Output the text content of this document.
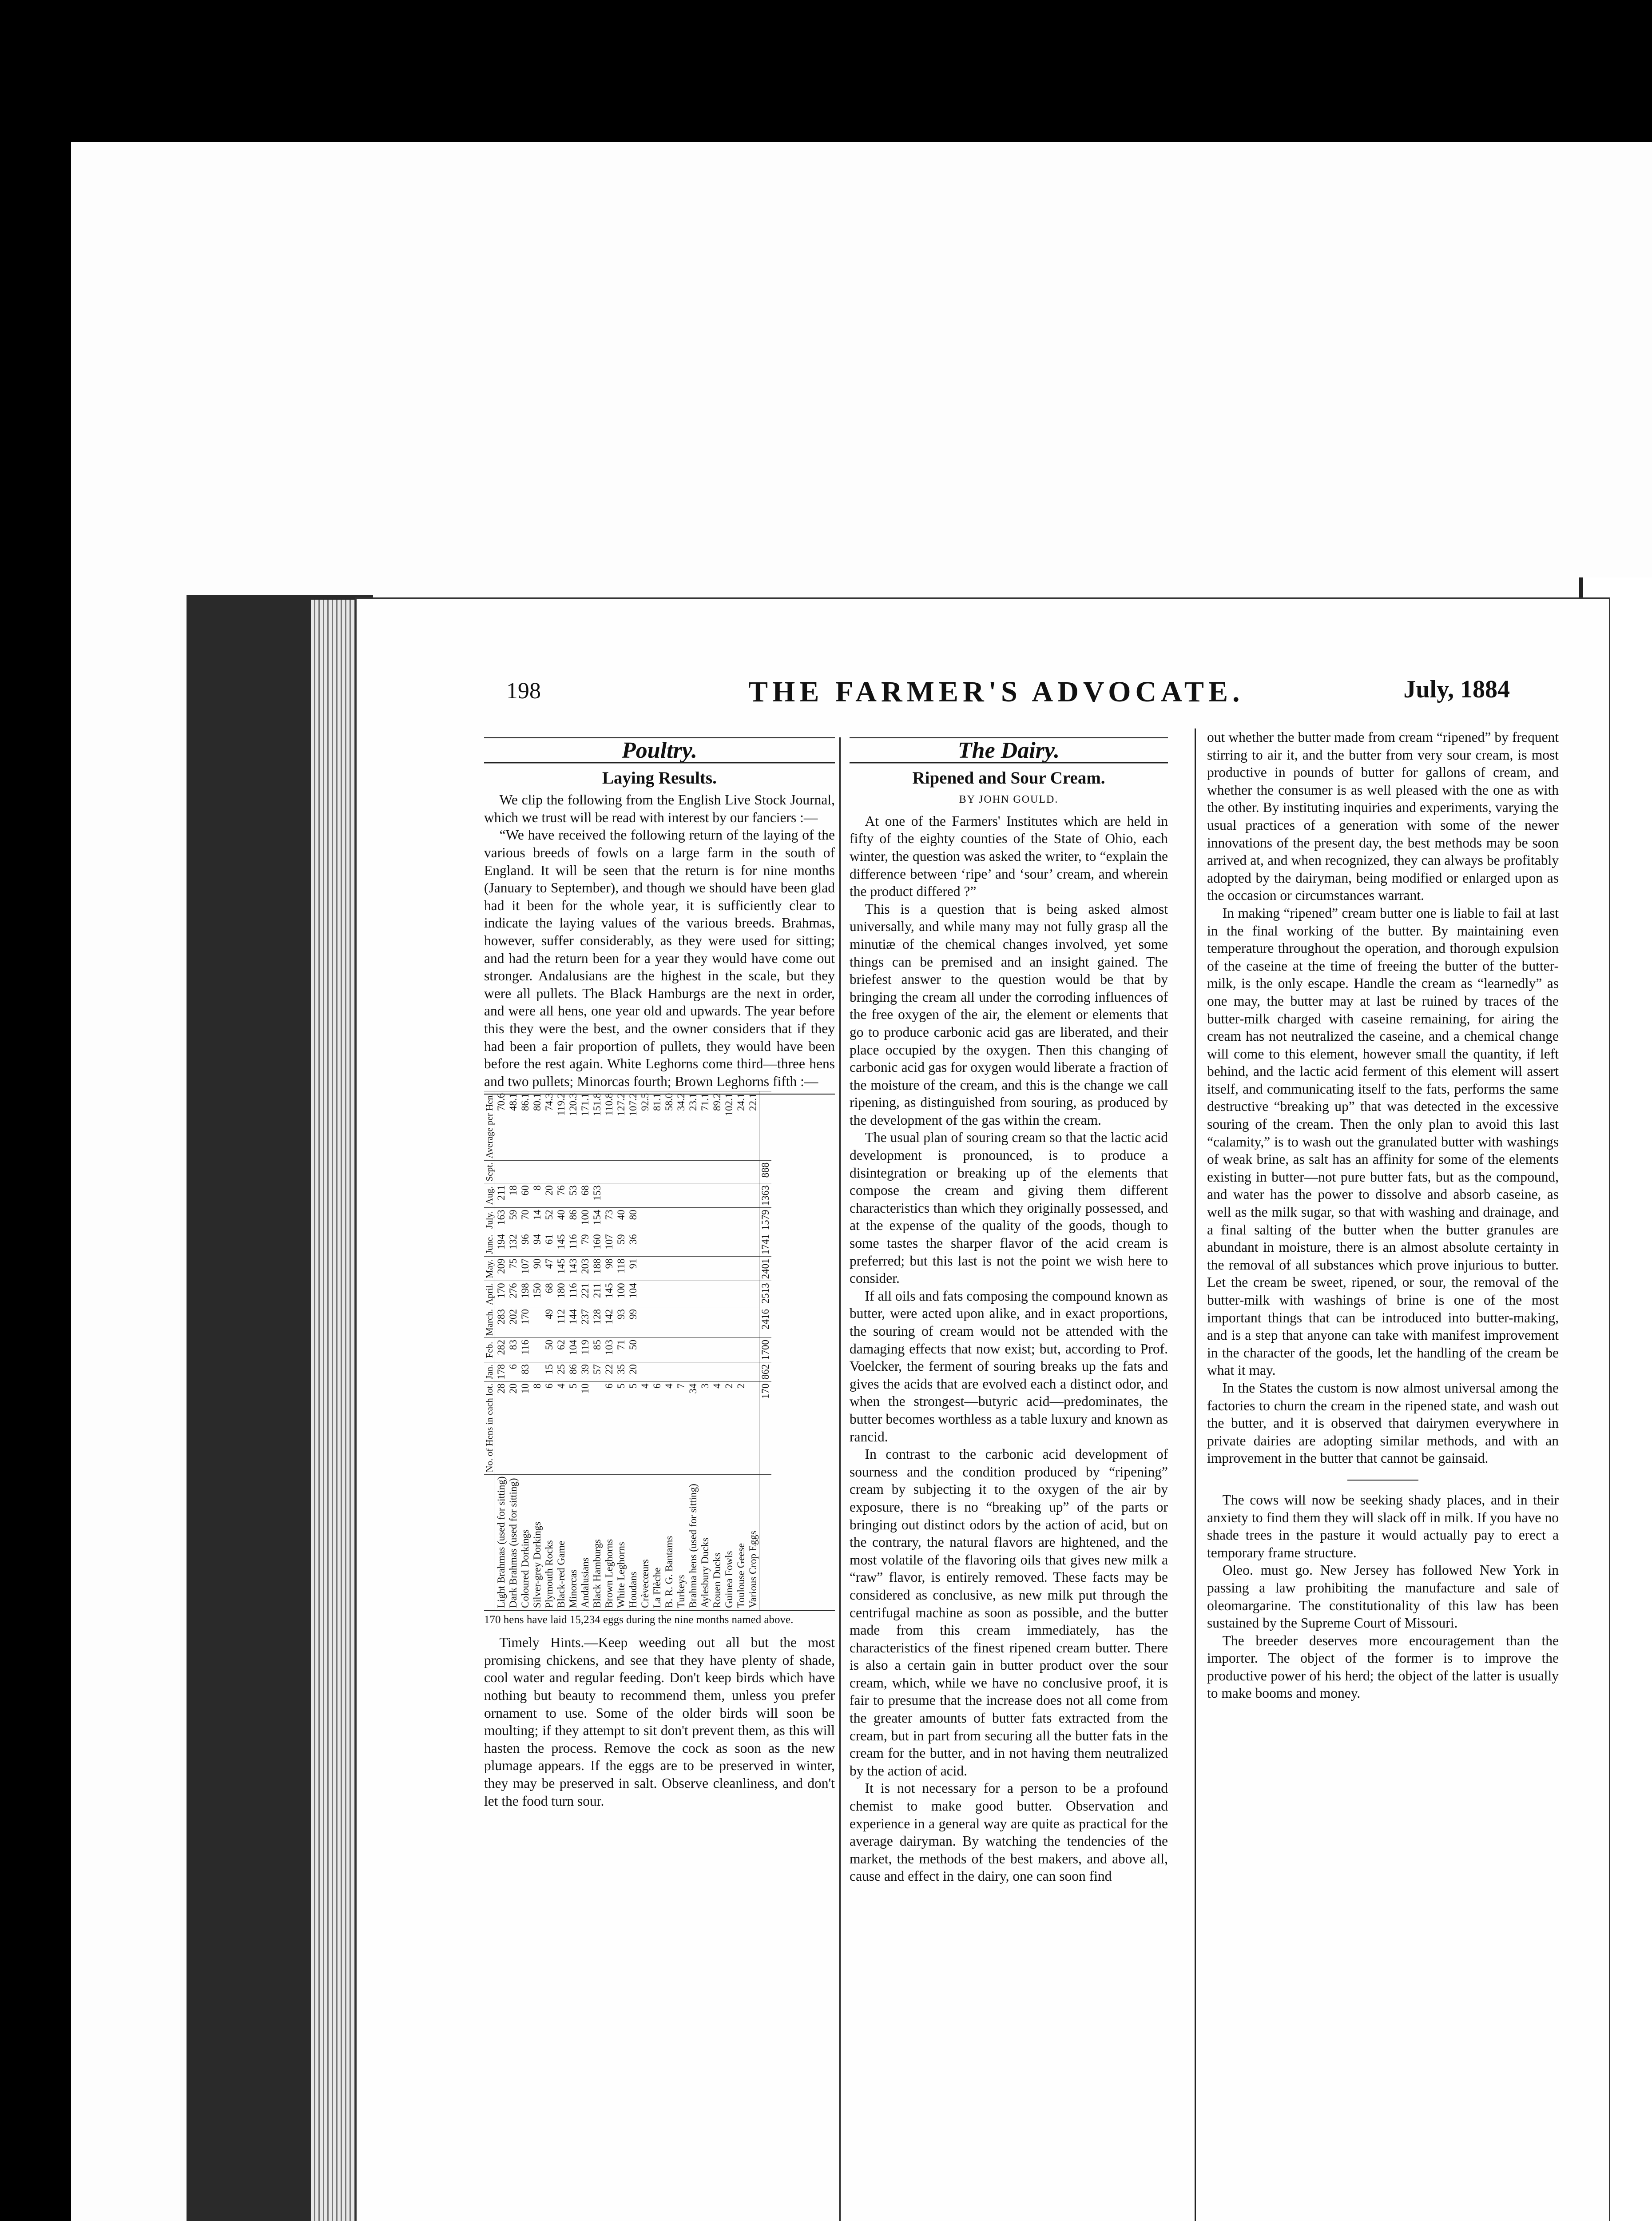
198	THE FARMER'S ADVOCATE.	July, 1884
Poultry.
Laying Results.

We clip the following from the English Live Stock Journal, which we trust will be read with interest by our fanciers :—

“We have received the following return of the laying of the various breeds of fowls on a large farm in the south of England. It will be seen that the return is for nine months (January to September), and though we should have been glad had it been for the whole year, it is sufficiently clear to indicate the laying values of the various breeds. Brahmas, however, suffer considerably, as they were used for sitting; and had the return been for a year they would have come out stronger. Andalusians are the highest in the scale, but they were all pullets. The Black Hamburgs are the next in order, and were all hens, one year old and upwards. The year before this they were the best, and the owner considers that if they had been a fair proportion of pullets, they would have been before the rest again. White Leghorns come third—three hens and two pullets; Minorcas fourth; Brown Leghorns fifth :—

	No. of Hens in each lot.	Jan.	Feb.	March.	April.	May.	June.	July.	Aug.	Sept.	Average per Hen.
Light Brahmas (used for sitting)	28	178	282	283	170	209	194	163	211		70.6
Dark Brahmas (used for sitting)	20	6	83	202	276	75	132	59	18		48.1
Coloured Dorkings	10	83	116	170	198	107	96	70	60		86.1
Silver-grey Dorkings	8				150	90	94	14	8		80.1
Plymouth Rocks	6	15	50	49	68	47	61	52	20		74.3
Black-red Game	4	25	62	112	180	145	145	40	76		119.2
Minorcas	5	86	104	144	116	143	116	86	53		120.3
Andalusians	10	39	119	237	221	203	79	100	68		171.1
Black Hamburgs		57	85	128	211	188	160	154	153		151.8
Brown Leghorns	6	22	103	142	145	98	107	73			110.8
White Leghorns	5	35	71	93	100	118	59	40			127.2
Houdans	5	20	50	99	104	91	36	80			107.2
Crèvecœurs	4										92.5
La Flèche	6										81.1
B. R. G. Bantams	4										58.0
Turkeys	7										34.2
Brahma hens (used for sitting)	34										23.1
Aylesbury Ducks	3										71.1
Rouen Ducks	4										89.2
Guinea Fowls	2										102.1
Toulouse Geese	2										24.1
Various Crop Eggs											22.1
	170	862	1700	2416	2513	2401	1741	1579	1363	888	

170 hens have laid 15,234 eggs during the nine months named above.

Timely Hints.—Keep weeding out all but the most promising chickens, and see that they have plenty of shade, cool water and regular feeding. Don't keep birds which have nothing but beauty to recommend them, unless you prefer ornament to use. Some of the older birds will soon be moulting; if they attempt to sit don't prevent them, as this will hasten the process. Remove the cock as soon as the new plumage appears. If the eggs are to be preserved in winter, they may be preserved in salt. Observe cleanliness, and don't let the food turn sour.

The Dairy.
Ripened and Sour Cream.
BY JOHN GOULD.

At one of the Farmers' Institutes which are held in fifty of the eighty counties of the State of Ohio, each winter, the question was asked the writer, to “explain the difference between ‘ripe’ and ‘sour’ cream, and wherein the product differed ?”

This is a question that is being asked almost universally, and while many may not fully grasp all the minutiæ of the chemical changes involved, yet some things can be premised and an insight gained. The briefest answer to the question would be that by bringing the cream all under the corroding influences of the free oxygen of the air, the element or elements that go to produce carbonic acid gas are liberated, and their place occupied by the oxygen. Then this changing of carbonic acid gas for oxygen would liberate a fraction of the moisture of the cream, and this is the change we call ripening, as distinguished from souring, as produced by the development of the gas within the cream.

The usual plan of souring cream so that the lactic acid development is pronounced, is to produce a disintegration or breaking up of the elements that compose the cream and giving them different characteristics than which they originally possessed, and at the expense of the quality of the goods, though to some tastes the sharper flavor of the acid cream is preferred; but this last is not the point we wish here to consider.

If all oils and fats composing the compound known as butter, were acted upon alike, and in exact proportions, the souring of cream would not be attended with the damaging effects that now exist; but, according to Prof. Voelcker, the ferment of souring breaks up the fats and gives the acids that are evolved each a distinct odor, and when the strongest—butyric acid—predominates, the butter becomes worthless as a table luxury and known as rancid.

In contrast to the carbonic acid development of sourness and the condition produced by “ripening” cream by subjecting it to the oxygen of the air by exposure, there is no “breaking up” of the parts or bringing out distinct odors by the action of acid, but on the contrary, the natural flavors are hightened, and the most volatile of the flavoring oils that gives new milk a “raw” flavor, is entirely removed. These facts may be considered as conclusive, as new milk put through the centrifugal machine as soon as possible, and the butter made from this cream immediately, has the characteristics of the finest ripened cream butter. There is also a certain gain in butter product over the sour cream, which, while we have no conclusive proof, it is fair to presume that the increase does not all come from the greater amounts of butter fats extracted from the cream, but in part from securing all the butter fats in the cream for the butter, and in not having them neutralized by the action of acid.

It is not necessary for a person to be a profound chemist to make good butter. Observation and experience in a general way are quite as practical for the average dairyman. By watching the tendencies of the market, the methods of the best makers, and above all, cause and effect in the dairy, one can soon find

out whether the butter made from cream “ripened” by frequent stirring to air it, and the butter from very sour cream, is most productive in pounds of butter for gallons of cream, and whether the consumer is as well pleased with the one as with the other. By instituting inquiries and experiments, varying the usual practices of a generation with some of the newer innovations of the present day, the best methods may be soon arrived at, and when recognized, they can always be profitably adopted by the dairyman, being modified or enlarged upon as the occasion or circumstances warrant.

In making “ripened” cream butter one is liable to fail at last in the final working of the butter. By maintaining even temperature throughout the operation, and thorough expulsion of the caseine at the time of freeing the butter of the butter-milk, is the only escape. Handle the cream as “learnedly” as one may, the butter may at last be ruined by traces of the butter-milk charged with caseine remaining, for airing the cream has not neutralized the caseine, and a chemical change will come to this element, however small the quantity, if left behind, and the lactic acid ferment of this element will assert itself, and communicating itself to the fats, performs the same destructive “breaking up” that was detected in the excessive souring of the cream. Then the only plan to avoid this last “calamity,” is to wash out the granulated butter with washings of weak brine, as salt has an affinity for some of the elements existing in butter—not pure butter fats, but as the compound, and water has the power to dissolve and absorb caseine, as well as the milk sugar, so that with washing and drainage, and a final salting of the butter when the butter granules are abundant in moisture, there is an almost absolute certainty in the removal of all substances which prove injurious to butter. Let the cream be sweet, ripened, or sour, the removal of the butter-milk with washings of brine is one of the most important things that can be introduced into butter-making, and is a step that anyone can take with manifest improvement in the character of the goods, let the handling of the cream be what it may.

In the States the custom is now almost universal among the factories to churn the cream in the ripened state, and wash out the butter, and it is observed that dairymen everywhere in private dairies are adopting similar methods, and with an improvement in the butter that cannot be gainsaid.

The cows will now be seeking shady places, and in their anxiety to find them they will slack off in milk. If you have no shade trees in the pasture it would actually pay to erect a temporary frame structure.

Oleo. must go. New Jersey has followed New York in passing a law prohibiting the manufacture and sale of oleomargarine. The constitutionality of this law has been sustained by the Supreme Court of Missouri.

The breeder deserves more encouragement than the importer. The object of the former is to improve the productive power of his herd; the object of the latter is usually to make booms and money.
